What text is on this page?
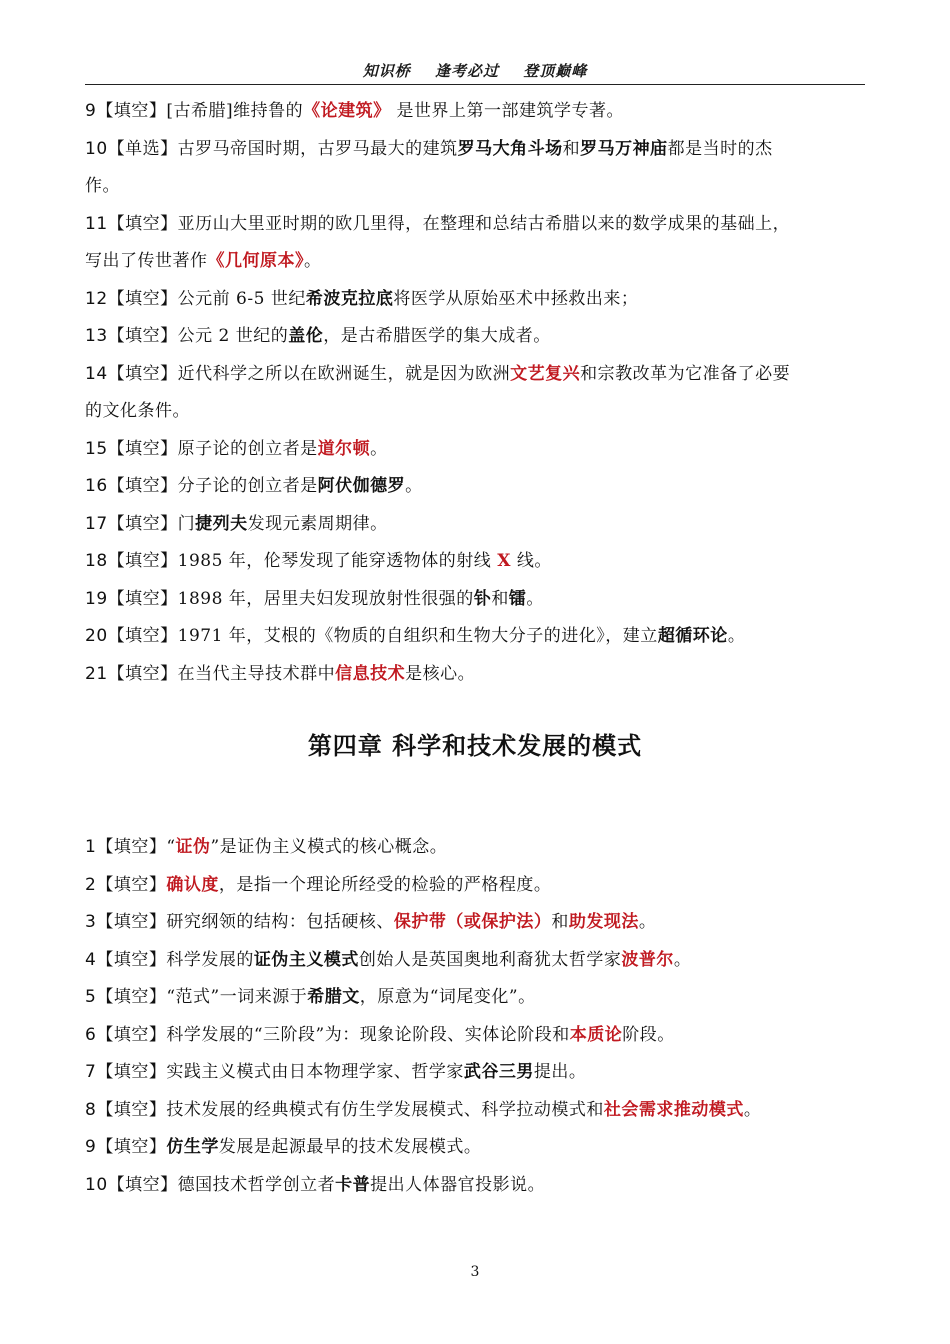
知识桥 逢考必过 登顶巅峰
9【填空】[古希腊]维持鲁的《论建筑》 是世界上第一部建筑学专著。
10【单选】古罗马帝国时期，古罗马最大的建筑罗马大角斗场和罗马万神庙都是当时的杰
作。
11【填空】亚历山大里亚时期的欧几里得，在整理和总结古希腊以来的数学成果的基础上，
写出了传世著作《几何原本》。
12【填空】公元前 6-5 世纪希波克拉底将医学从原始巫术中拯救出来；
13【填空】公元 2 世纪的盖伦，是古希腊医学的集大成者。
14【填空】近代科学之所以在欧洲诞生，就是因为欧洲文艺复兴和宗教改革为它准备了必要
的文化条件。
15【填空】原子论的创立者是道尔顿。
16【填空】分子论的创立者是阿伏伽德罗。
17【填空】门捷列夫发现元素周期律。
18【填空】1985 年，伦琴发现了能穿透物体的射线 X 线。
19【填空】1898 年，居里夫妇发现放射性很强的钋和镭。
20【填空】1971 年，艾根的《物质的自组织和生物大分子的进化》，建立超循环论。
21【填空】在当代主导技术群中信息技术是核心。
第四章 科学和技术发展的模式
1【填空】“证伪”是证伪主义模式的核心概念。
2【填空】确认度，是指一个理论所经受的检验的严格程度。
3【填空】研究纲领的结构：包括硬核、保护带（或保护法）和助发现法。
4【填空】科学发展的证伪主义模式创始人是英国奥地利裔犹太哲学家波普尔。
5【填空】“范式”一词来源于希腊文，原意为“词尾变化”。
6【填空】科学发展的“三阶段”为：现象论阶段、实体论阶段和本质论阶段。
7【填空】实践主义模式由日本物理学家、哲学家武谷三男提出。
8【填空】技术发展的经典模式有仿生学发展模式、科学拉动模式和社会需求推动模式。
9【填空】仿生学发展是起源最早的技术发展模式。
10【填空】德国技术哲学创立者卡普提出人体器官投影说。
3
